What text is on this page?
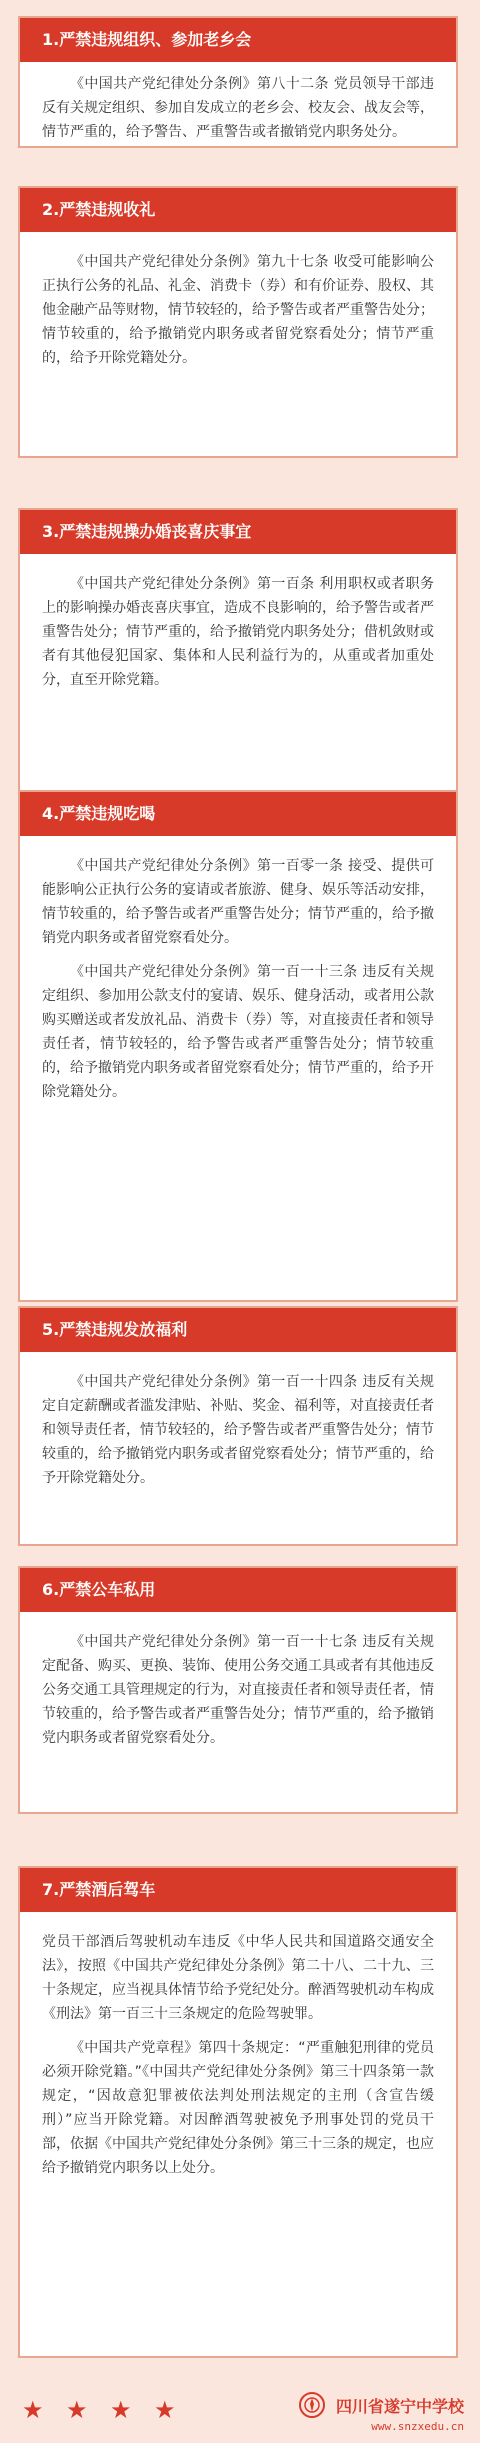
1.严禁违规组织、参加老乡会

《中国共产党纪律处分条例》第八十二条 党员领导干部违反有关规定组织、参加自发成立的老乡会、校友会、战友会等，情节严重的，给予警告、严重警告或者撤销党内职务处分。

2.严禁违规收礼

《中国共产党纪律处分条例》第九十七条 收受可能影响公正执行公务的礼品、礼金、消费卡（券）和有价证券、股权、其他金融产品等财物，情节较轻的，给予警告或者严重警告处分；情节较重的，给予撤销党内职务或者留党察看处分；情节严重的，给予开除党籍处分。

3.严禁违规操办婚丧喜庆事宜

《中国共产党纪律处分条例》第一百条 利用职权或者职务上的影响操办婚丧喜庆事宜，造成不良影响的，给予警告或者严重警告处分；情节严重的，给予撤销党内职务处分；借机敛财或者有其他侵犯国家、集体和人民利益行为的，从重或者加重处分，直至开除党籍。

4.严禁违规吃喝

《中国共产党纪律处分条例》第一百零一条 接受、提供可能影响公正执行公务的宴请或者旅游、健身、娱乐等活动安排，情节较重的，给予警告或者严重警告处分；情节严重的，给予撤销党内职务或者留党察看处分。

《中国共产党纪律处分条例》第一百一十三条 违反有关规定组织、参加用公款支付的宴请、娱乐、健身活动，或者用公款购买赠送或者发放礼品、消费卡（券）等，对直接责任者和领导责任者，情节较轻的，给予警告或者严重警告处分；情节较重的，给予撤销党内职务或者留党察看处分；情节严重的，给予开除党籍处分。

5.严禁违规发放福利

《中国共产党纪律处分条例》第一百一十四条 违反有关规定自定薪酬或者滥发津贴、补贴、奖金、福利等，对直接责任者和领导责任者，情节较轻的，给予警告或者严重警告处分；情节较重的，给予撤销党内职务或者留党察看处分；情节严重的，给予开除党籍处分。

6.严禁公车私用

《中国共产党纪律处分条例》第一百一十七条 违反有关规定配备、购买、更换、装饰、使用公务交通工具或者有其他违反公务交通工具管理规定的行为，对直接责任者和领导责任者，情节较重的，给予警告或者严重警告处分；情节严重的，给予撤销党内职务或者留党察看处分。

7.严禁酒后驾车

党员干部酒后驾驶机动车违反《中华人民共和国道路交通安全法》，按照《中国共产党纪律处分条例》第二十八、二十九、三十条规定，应当视具体情节给予党纪处分。醉酒驾驶机动车构成《刑法》第一百三十三条规定的危险驾驶罪。

《中国共产党章程》第四十条规定：“严重触犯刑律的党员必须开除党籍。”《中国共产党纪律处分条例》第三十四条第一款规定，“因故意犯罪被依法判处刑法规定的主刑（含宣告缓刑）”应当开除党籍。对因醉酒驾驶被免予刑事处罚的党员干部，依据《中国共产党纪律处分条例》第三十三条的规定，也应给予撤销党内职务以上处分。

★ ★ ★ ★	四川省遂宁中学校
www.snzxedu.cn
